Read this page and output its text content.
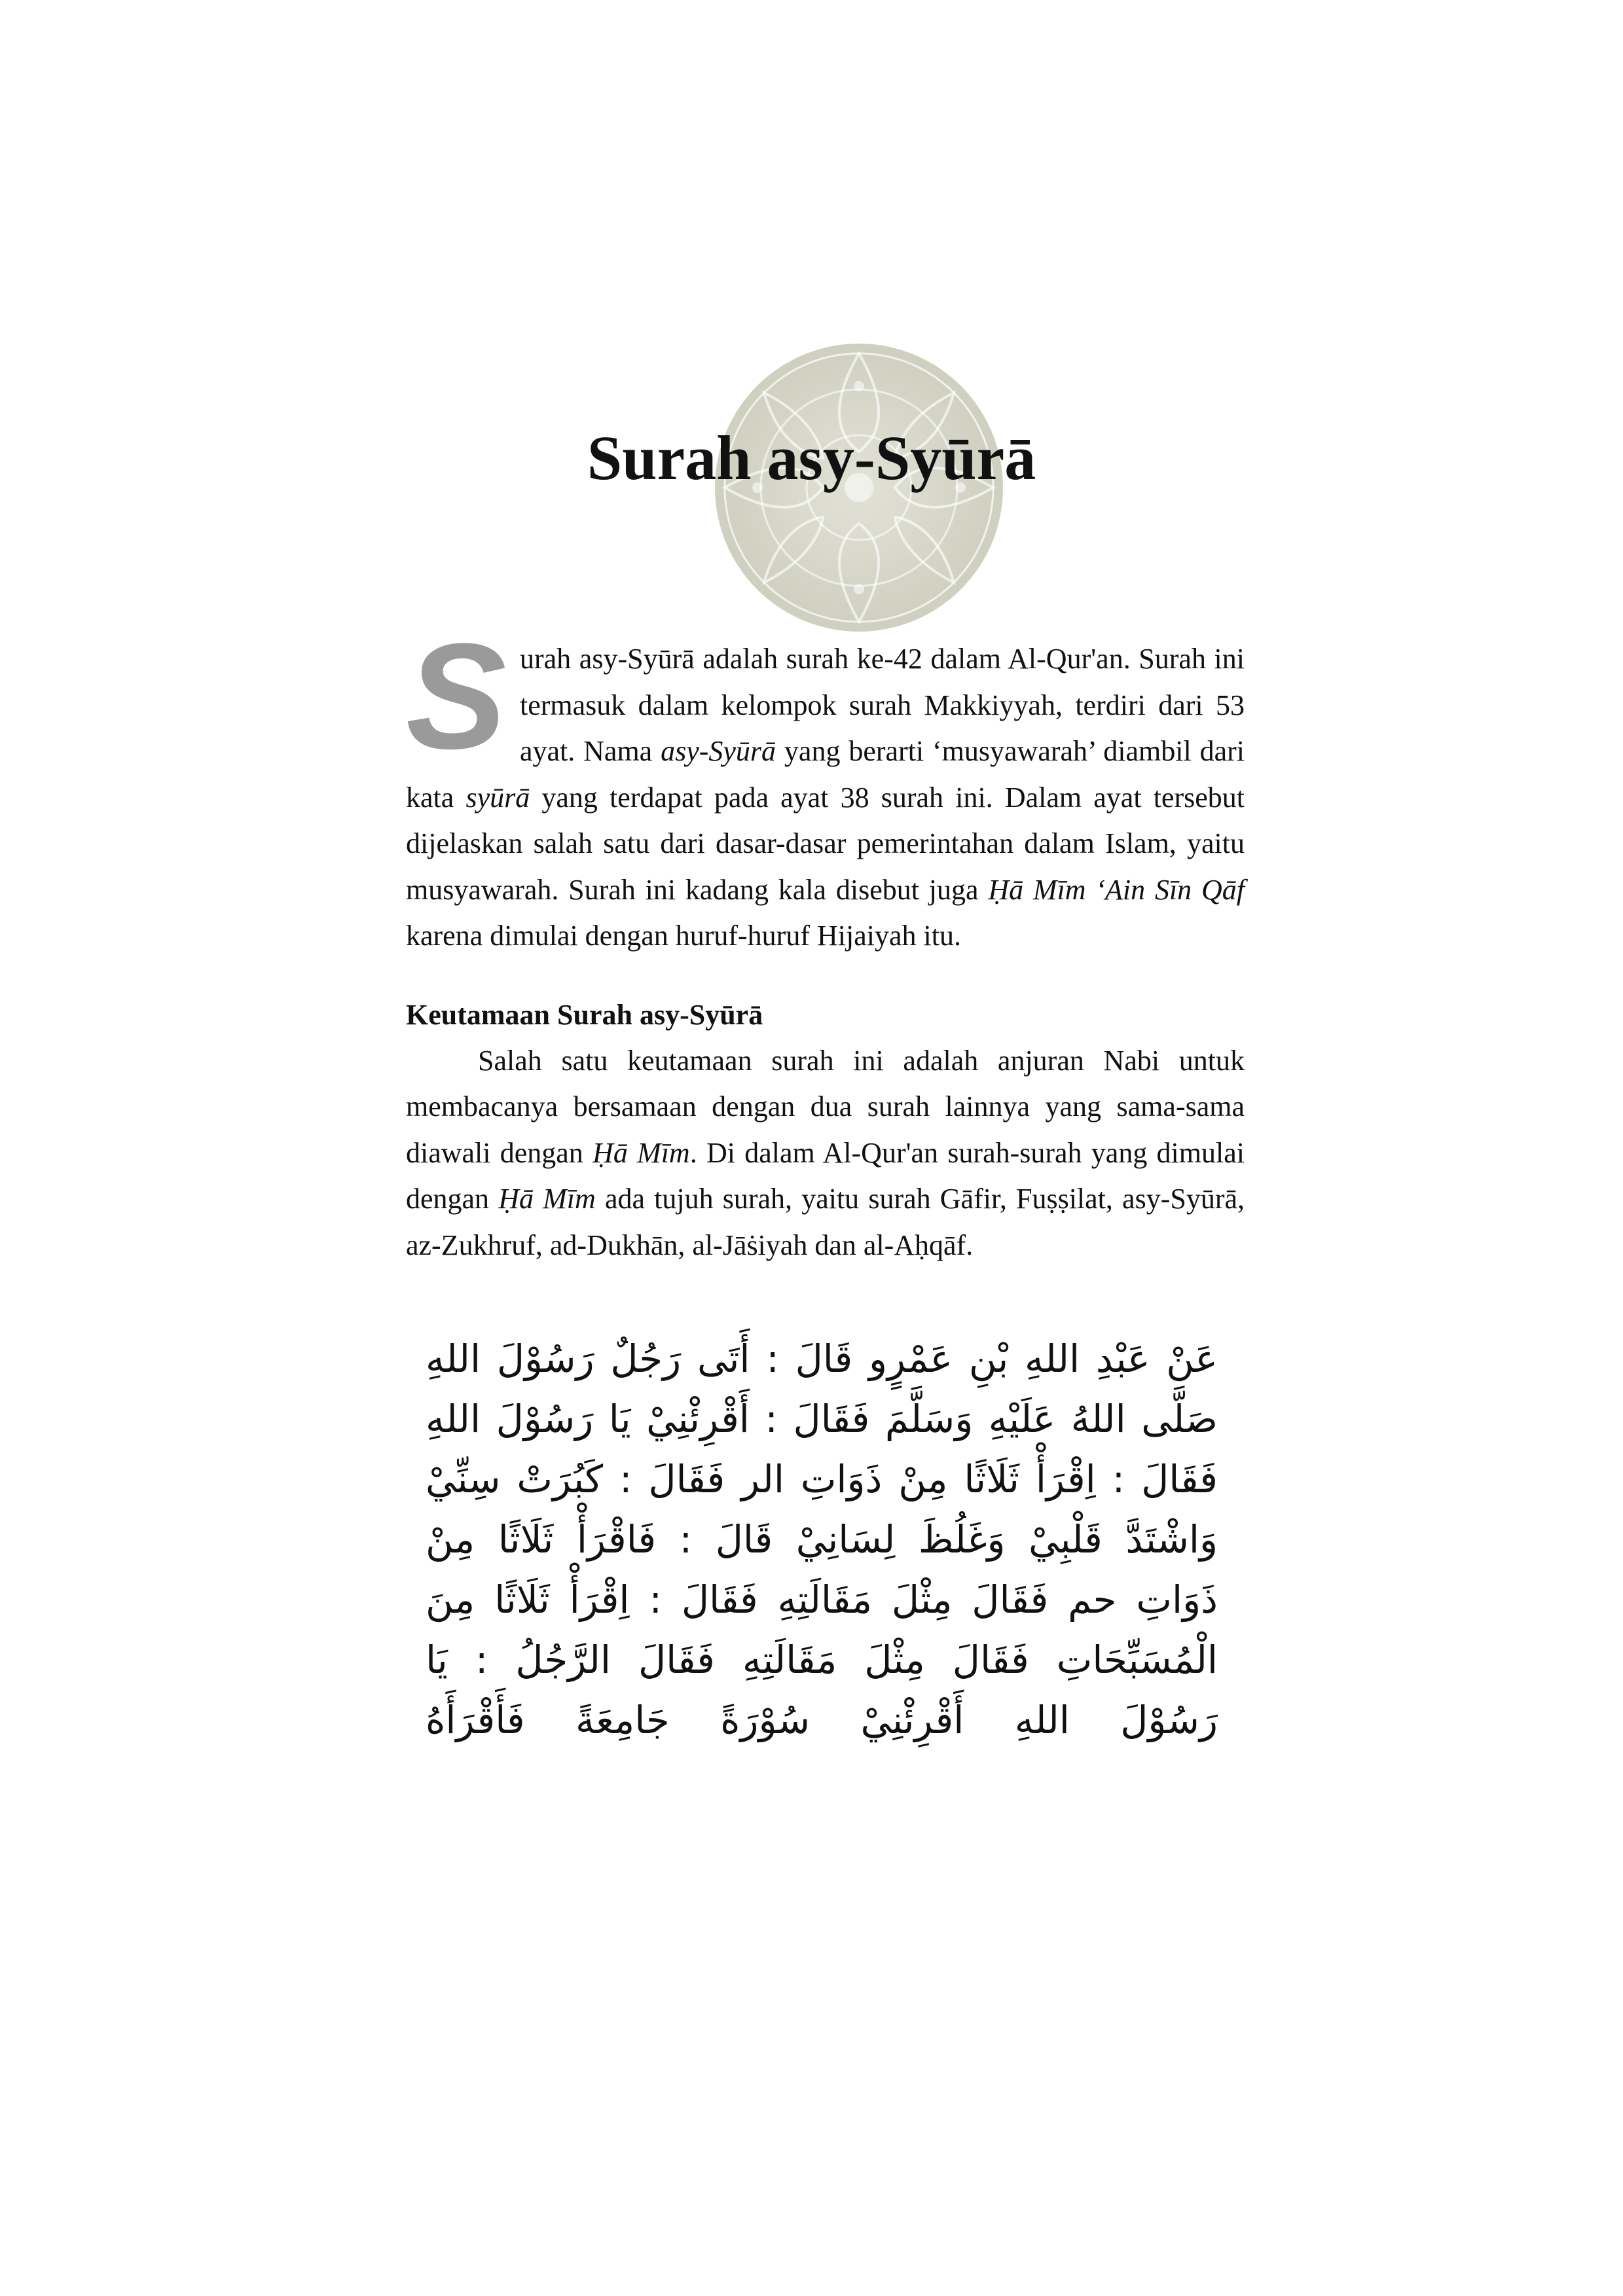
Surah asy-Syūrā
S urah asy-Syūrā adalah surah ke-42 dalam Al-Qur'an. Surah ini termasuk dalam kelompok surah Makkiyyah, terdiri dari 53 ayat. Nama asy-Syūrā yang berarti ‘musyawarah’ diambil dari kata syūrā yang terdapat pada ayat 38 surah ini. Dalam ayat tersebut dijelaskan salah satu dari dasar-dasar pemerintahan dalam Islam, yaitu musyawarah. Surah ini kadang kala disebut juga Ḥā Mīm ‘Ain Sīn Qāf karena dimulai dengan huruf-huruf Hijaiyah itu.

Keutamaan Surah asy-Syūrā

Salah satu keutamaan surah ini adalah anjuran Nabi untuk membacanya bersamaan dengan dua surah lainnya yang sama-sama diawali dengan Ḥā Mīm. Di dalam Al-Qur'an surah-surah yang dimulai dengan Ḥā Mīm ada tujuh surah, yaitu surah Gāfir, Fuṣṣilat, asy-Syūrā, az-Zukhruf, ad-Dukhān, al-Jāṡiyah dan al-Aḥqāf.

عَنْ عَبْدِ اللهِ بْنِ عَمْرٍو قَالَ : أَتَى رَجُلٌ رَسُوْلَ اللهِ صَلَّى اللهُ عَلَيْهِ وَسَلَّمَ فَقَالَ : أَقْرِئْنِيْ يَا رَسُوْلَ اللهِ فَقَالَ : اِقْرَأْ ثَلَاثًا مِنْ ذَوَاتِ الر فَقَالَ : كَبُرَتْ سِنِّيْ وَاشْتَدَّ قَلْبِيْ وَغَلُظَ لِسَانِيْ قَالَ : فَاقْرَأْ ثَلَاثًا مِنْ ذَوَاتِ حم فَقَالَ مِثْلَ مَقَالَتِهِ فَقَالَ : اِقْرَأْ ثَلَاثًا مِنَ الْمُسَبِّحَاتِ فَقَالَ مِثْلَ مَقَالَتِهِ فَقَالَ الرَّجُلُ : يَا رَسُوْلَ اللهِ أَقْرِئْنِيْ سُوْرَةً جَامِعَةً فَأَقْرَأَهُ
